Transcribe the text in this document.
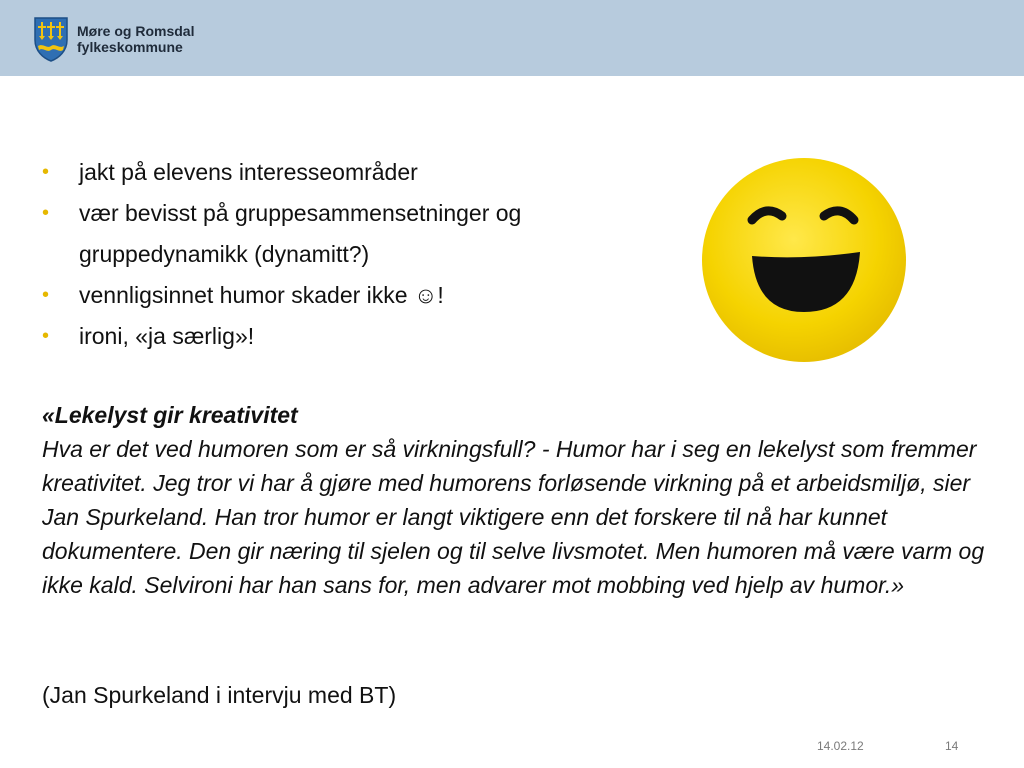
Møre og Romsdal
fylkeskommune
• jakt på elevens interesseområder
• vær bevisst på gruppesammensetninger og
gruppedynamikk (dynamitt?)
• vennligsinnet humor skader ikke ☺!
• ironi, «ja særlig»!
«Lekelyst gir kreativitet
Hva er det ved humoren som er så virkningsfull? - Humor har i seg en lekelyst som fremmer kreativitet. Jeg tror vi har å gjøre med humorens forløsende virkning på et arbeidsmiljø, sier Jan Spurkeland. Han tror humor er langt viktigere enn det forskere til nå har kunnet dokumentere. Den gir næring til sjelen og til selve livsmotet. Men humoren må være varm og ikke kald. Selvironi har han sans for, men advarer mot mobbing ved hjelp av humor.»
(Jan Spurkeland i intervju med BT)
14.02.12	14
